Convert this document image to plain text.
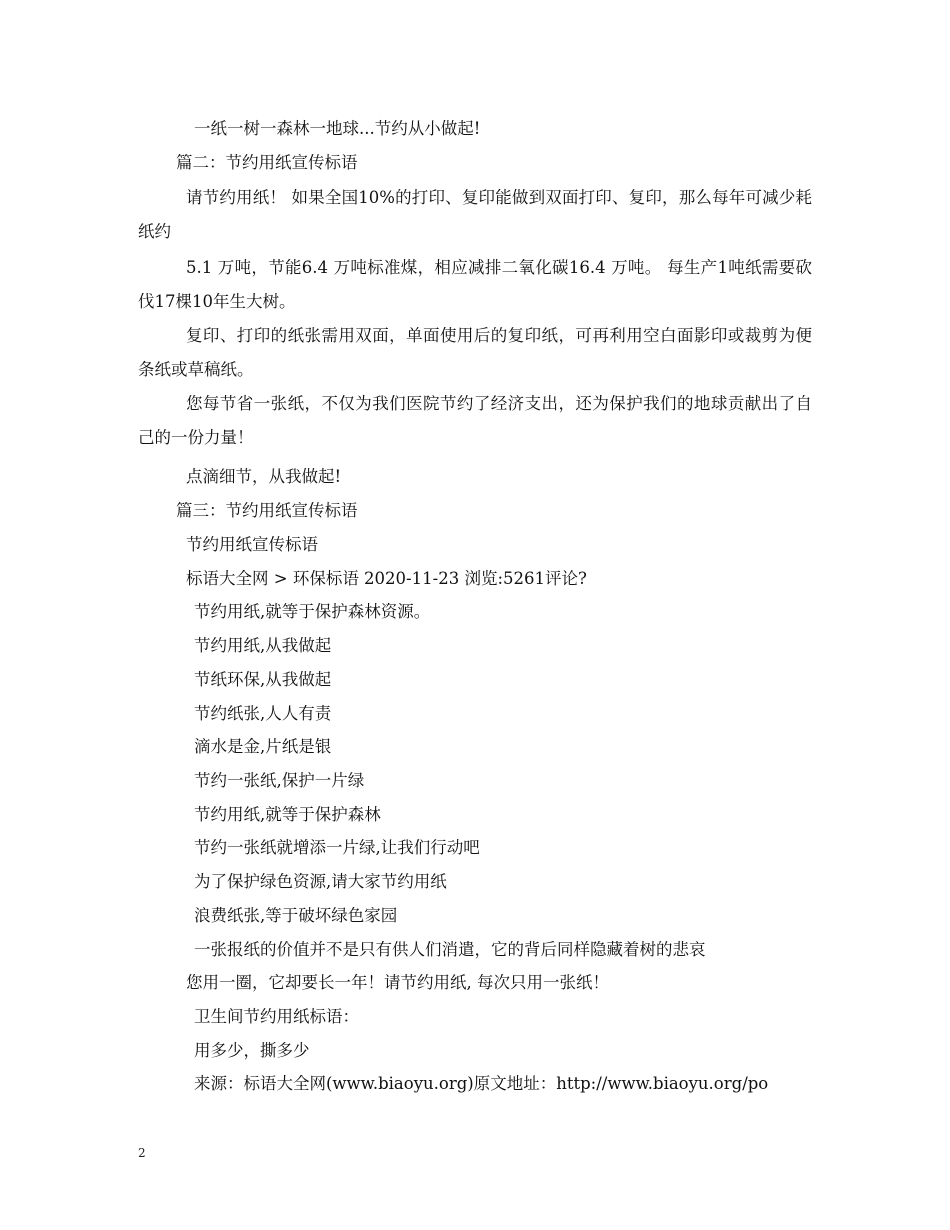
一纸一树一森林一地球...节约从小做起!

篇二：节约用纸宣传标语

请节约用纸！ 如果全国10%的打印、复印能做到双面打印、复印，那么每年可减少耗纸约

5.1 万吨，节能6.4 万吨标准煤，相应减排二氧化碳16.4 万吨。 每生产1吨纸需要砍伐17棵10年生大树。

复印、打印的纸张需用双面，单面使用后的复印纸，可再利用空白面影印或裁剪为便条纸或草稿纸。

您每节省一张纸，不仅为我们医院节约了经济支出，还为保护我们的地球贡献出了自己的一份力量！

点滴细节，从我做起!

篇三：节约用纸宣传标语

节约用纸宣传标语

标语大全网 > 环保标语 2020-11-23 浏览:5261评论?

节约用纸,就等于保护森林资源。

节约用纸,从我做起

节纸环保,从我做起

节约纸张,人人有责

滴水是金,片纸是银

节约一张纸,保护一片绿

节约用纸,就等于保护森林

节约一张纸就增添一片绿,让我们行动吧

为了保护绿色资源,请大家节约用纸

浪费纸张,等于破坏绿色家园

一张报纸的价值并不是只有供人们消遣，它的背后同样隐藏着树的悲哀

您用一圈，它却要长一年！请节约用纸, 每次只用一张纸！

卫生间节约用纸标语：

用多少，撕多少

来源：标语大全网(www.biaoyu.org)原文地址：http://www.biaoyu.org/po

2
